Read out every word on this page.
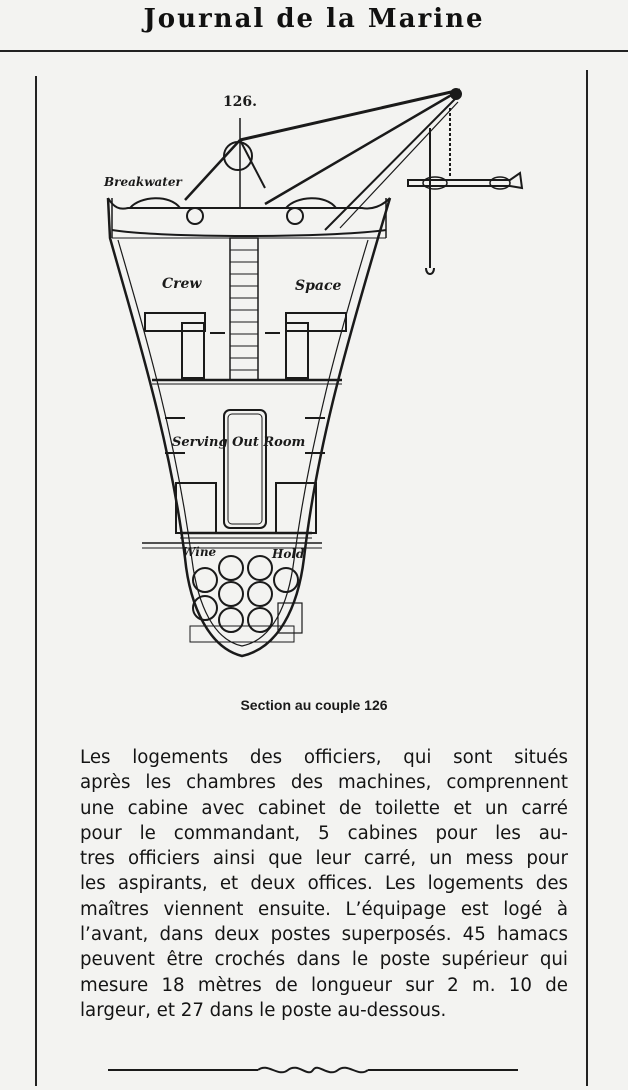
Journal de la Marine
126.
Breakwater
Crew	Space
Serving Out Room
Wine	Hold
Section au couple 126
Les logements des officiers, qui sont situés
après les chambres des machines, comprennent
une cabine avec cabinet de toilette et un carré
pour le commandant, 5 cabines pour les au-
tres officiers ainsi que leur carré, un mess pour
les aspirants, et deux offices. Les logements des
maîtres viennent ensuite. L’équipage est logé à
l’avant, dans deux postes superposés. 45 hamacs
peuvent être crochés dans le poste supérieur qui
mesure 18 mètres de longueur sur 2 m. 10 de
largeur, et 27 dans le poste au-dessous.
